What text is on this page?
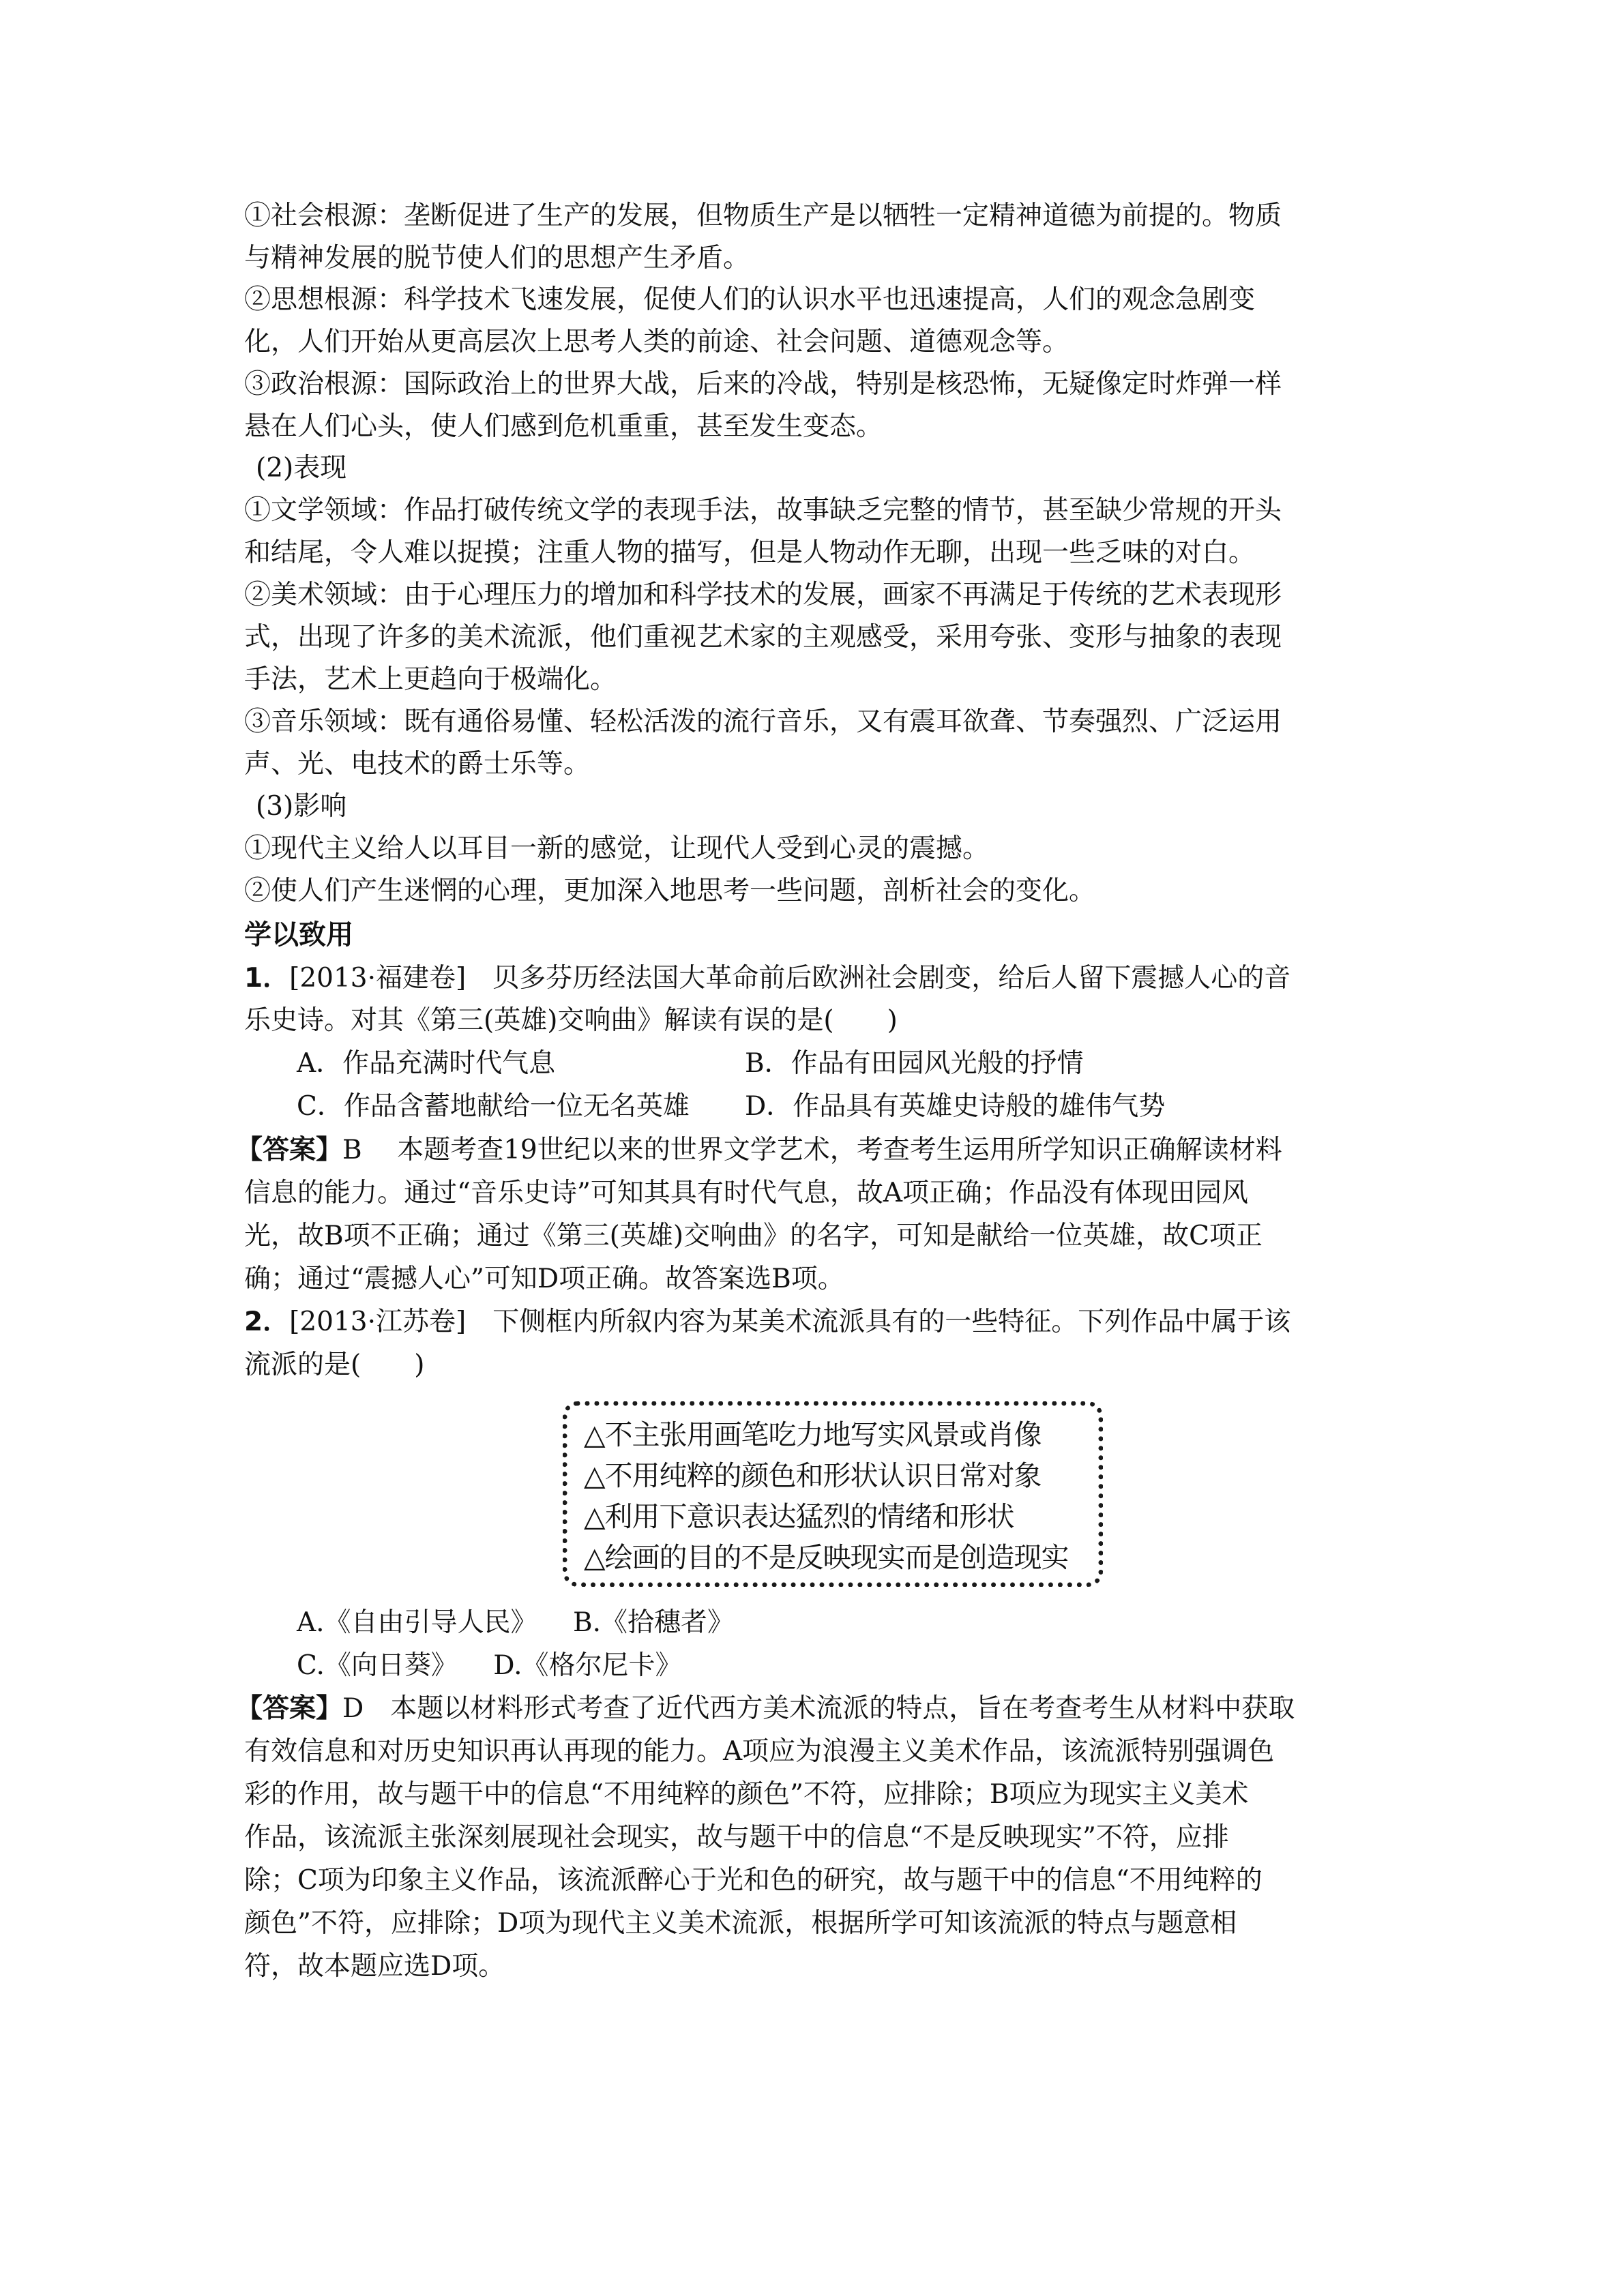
①社会根源：垄断促进了生产的发展，但物质生产是以牺牲一定精神道德为前提的。物质
与精神发展的脱节使人们的思想产生矛盾。
②思想根源：科学技术飞速发展，促使人们的认识水平也迅速提高，人们的观念急剧变
化，人们开始从更高层次上思考人类的前途、社会问题、道德观念等。
③政治根源：国际政治上的世界大战，后来的冷战，特别是核恐怖，无疑像定时炸弹一样
悬在人们心头，使人们感到危机重重，甚至发生变态。
(2)表现
①文学领域：作品打破传统文学的表现手法，故事缺乏完整的情节，甚至缺少常规的开头
和结尾，令人难以捉摸；注重人物的描写，但是人物动作无聊，出现一些乏味的对白。
②美术领域：由于心理压力的增加和科学技术的发展，画家不再满足于传统的艺术表现形
式，出现了许多的美术流派，他们重视艺术家的主观感受，采用夸张、变形与抽象的表现
手法，艺术上更趋向于极端化。
③音乐领域：既有通俗易懂、轻松活泼的流行音乐，又有震耳欲聋、节奏强烈、广泛运用
声、光、电技术的爵士乐等。
(3)影响
①现代主义给人以耳目一新的感觉，让现代人受到心灵的震撼。
②使人们产生迷惘的心理，更加深入地思考一些问题，剖析社会的变化。
学以致用
1．[2013·福建卷]　贝多芬历经法国大革命前后欧洲社会剧变，给后人留下震撼人心的音
乐史诗。对其《第三(英雄)交响曲》解读有误的是(　　)
A．作品充满时代气息	B．作品有田园风光般的抒情
C．作品含蓄地献给一位无名英雄 D．作品具有英雄史诗般的雄伟气势
【答案】B　 本题考查19世纪以来的世界文学艺术，考查考生运用所学知识正确解读材料
信息的能力。通过“音乐史诗”可知其具有时代气息，故A项正确；作品没有体现田园风
光，故B项不正确；通过《第三(英雄)交响曲》的名字，可知是献给一位英雄，故C项正
确；通过“震撼人心”可知D项正确。故答案选B项。
2．[2013·江苏卷]　下侧框内所叙内容为某美术流派具有的一些特征。下列作品中属于该
流派的是(　　)
△不主张用画笔吃力地写实风景或肖像
△不用纯粹的颜色和形状认识日常对象
△利用下意识表达猛烈的情绪和形状
△绘画的目的不是反映现实而是创造现实
A.《自由引导人民》 B.《拾穗者》
C.《向日葵》 D.《格尔尼卡》
【答案】D　本题以材料形式考查了近代西方美术流派的特点，旨在考查考生从材料中获取
有效信息和对历史知识再认再现的能力。A项应为浪漫主义美术作品，该流派特别强调色
彩的作用，故与题干中的信息“不用纯粹的颜色”不符，应排除；B项应为现实主义美术
作品，该流派主张深刻展现社会现实，故与题干中的信息“不是反映现实”不符，应排
除；C项为印象主义作品，该流派醉心于光和色的研究，故与题干中的信息“不用纯粹的
颜色”不符，应排除；D项为现代主义美术流派，根据所学可知该流派的特点与题意相
符，故本题应选D项。
